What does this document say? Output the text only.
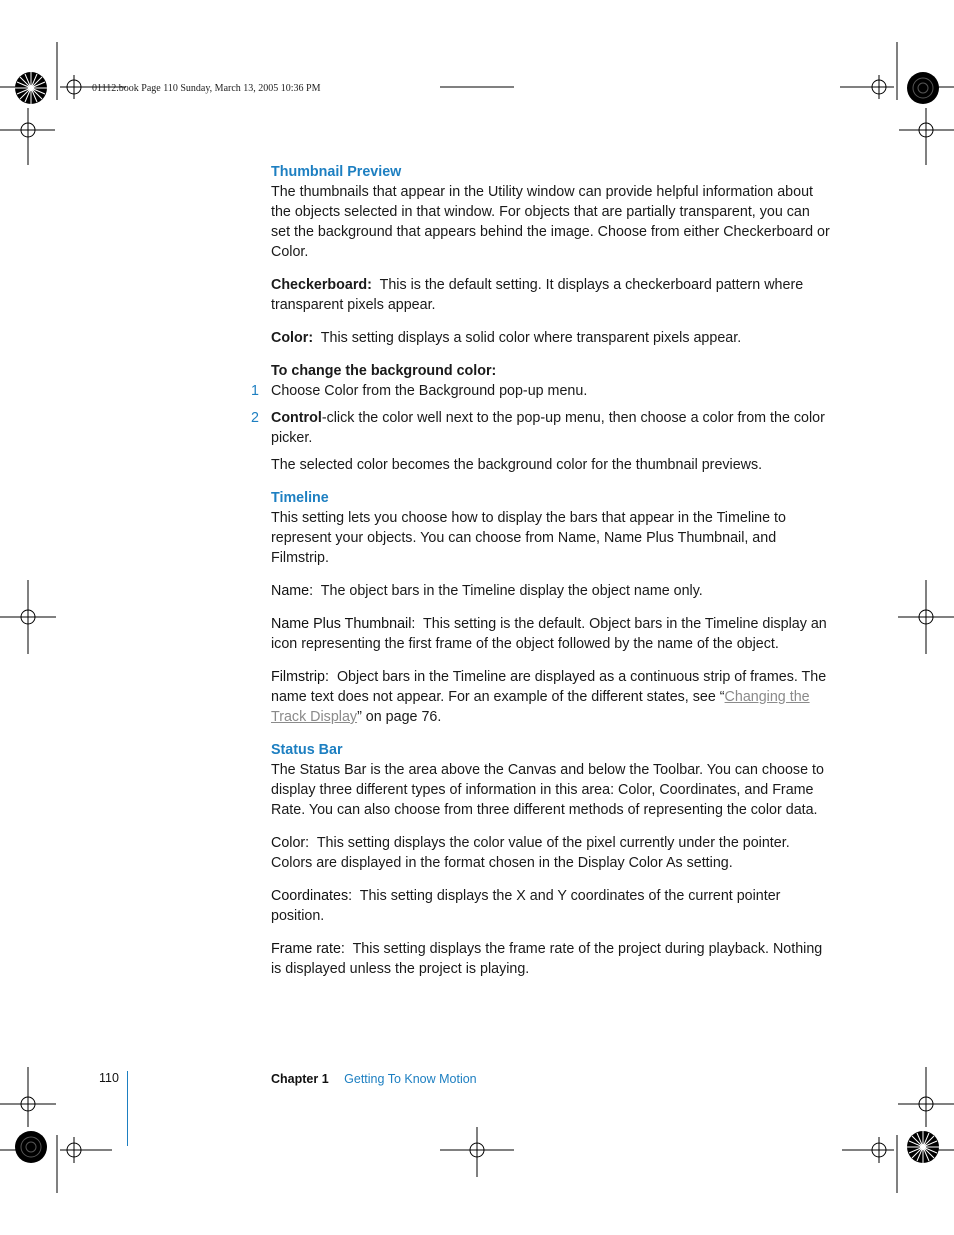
01112.book Page 110 Sunday, March 13, 2005 10:36 PM
Thumbnail Preview

The thumbnails that appear in the Utility window can provide helpful information about the objects selected in that window. For objects that are partially transparent, you can set the background that appears behind the image. Choose from either Checkerboard or Color.

Checkerboard: This is the default setting. It displays a checkerboard pattern where transparent pixels appear.

Color: This setting displays a solid color where transparent pixels appear.

To change the background color:

1 Choose Color from the Background pop-up menu.
2 Control-click the color well next to the pop-up menu, then choose a color from the color picker.

The selected color becomes the background color for the thumbnail previews.

Timeline

This setting lets you choose how to display the bars that appear in the Timeline to represent your objects. You can choose from Name, Name Plus Thumbnail, and Filmstrip.

Name: The object bars in the Timeline display the object name only.

Name Plus Thumbnail: This setting is the default. Object bars in the Timeline display an icon representing the first frame of the object followed by the name of the object.

Filmstrip: Object bars in the Timeline are displayed as a continuous strip of frames. The name text does not appear. For an example of the different states, see “Changing the Track Display” on page 76.

Status Bar

The Status Bar is the area above the Canvas and below the Toolbar. You can choose to display three different types of information in this area: Color, Coordinates, and Frame Rate. You can also choose from three different methods of representing the color data.

Color: This setting displays the color value of the pixel currently under the pointer. Colors are displayed in the format chosen in the Display Color As setting.

Coordinates: This setting displays the X and Y coordinates of the current pointer position.

Frame rate: This setting displays the frame rate of the project during playback. Nothing is displayed unless the project is playing.

110	Chapter 1 Getting To Know Motion
